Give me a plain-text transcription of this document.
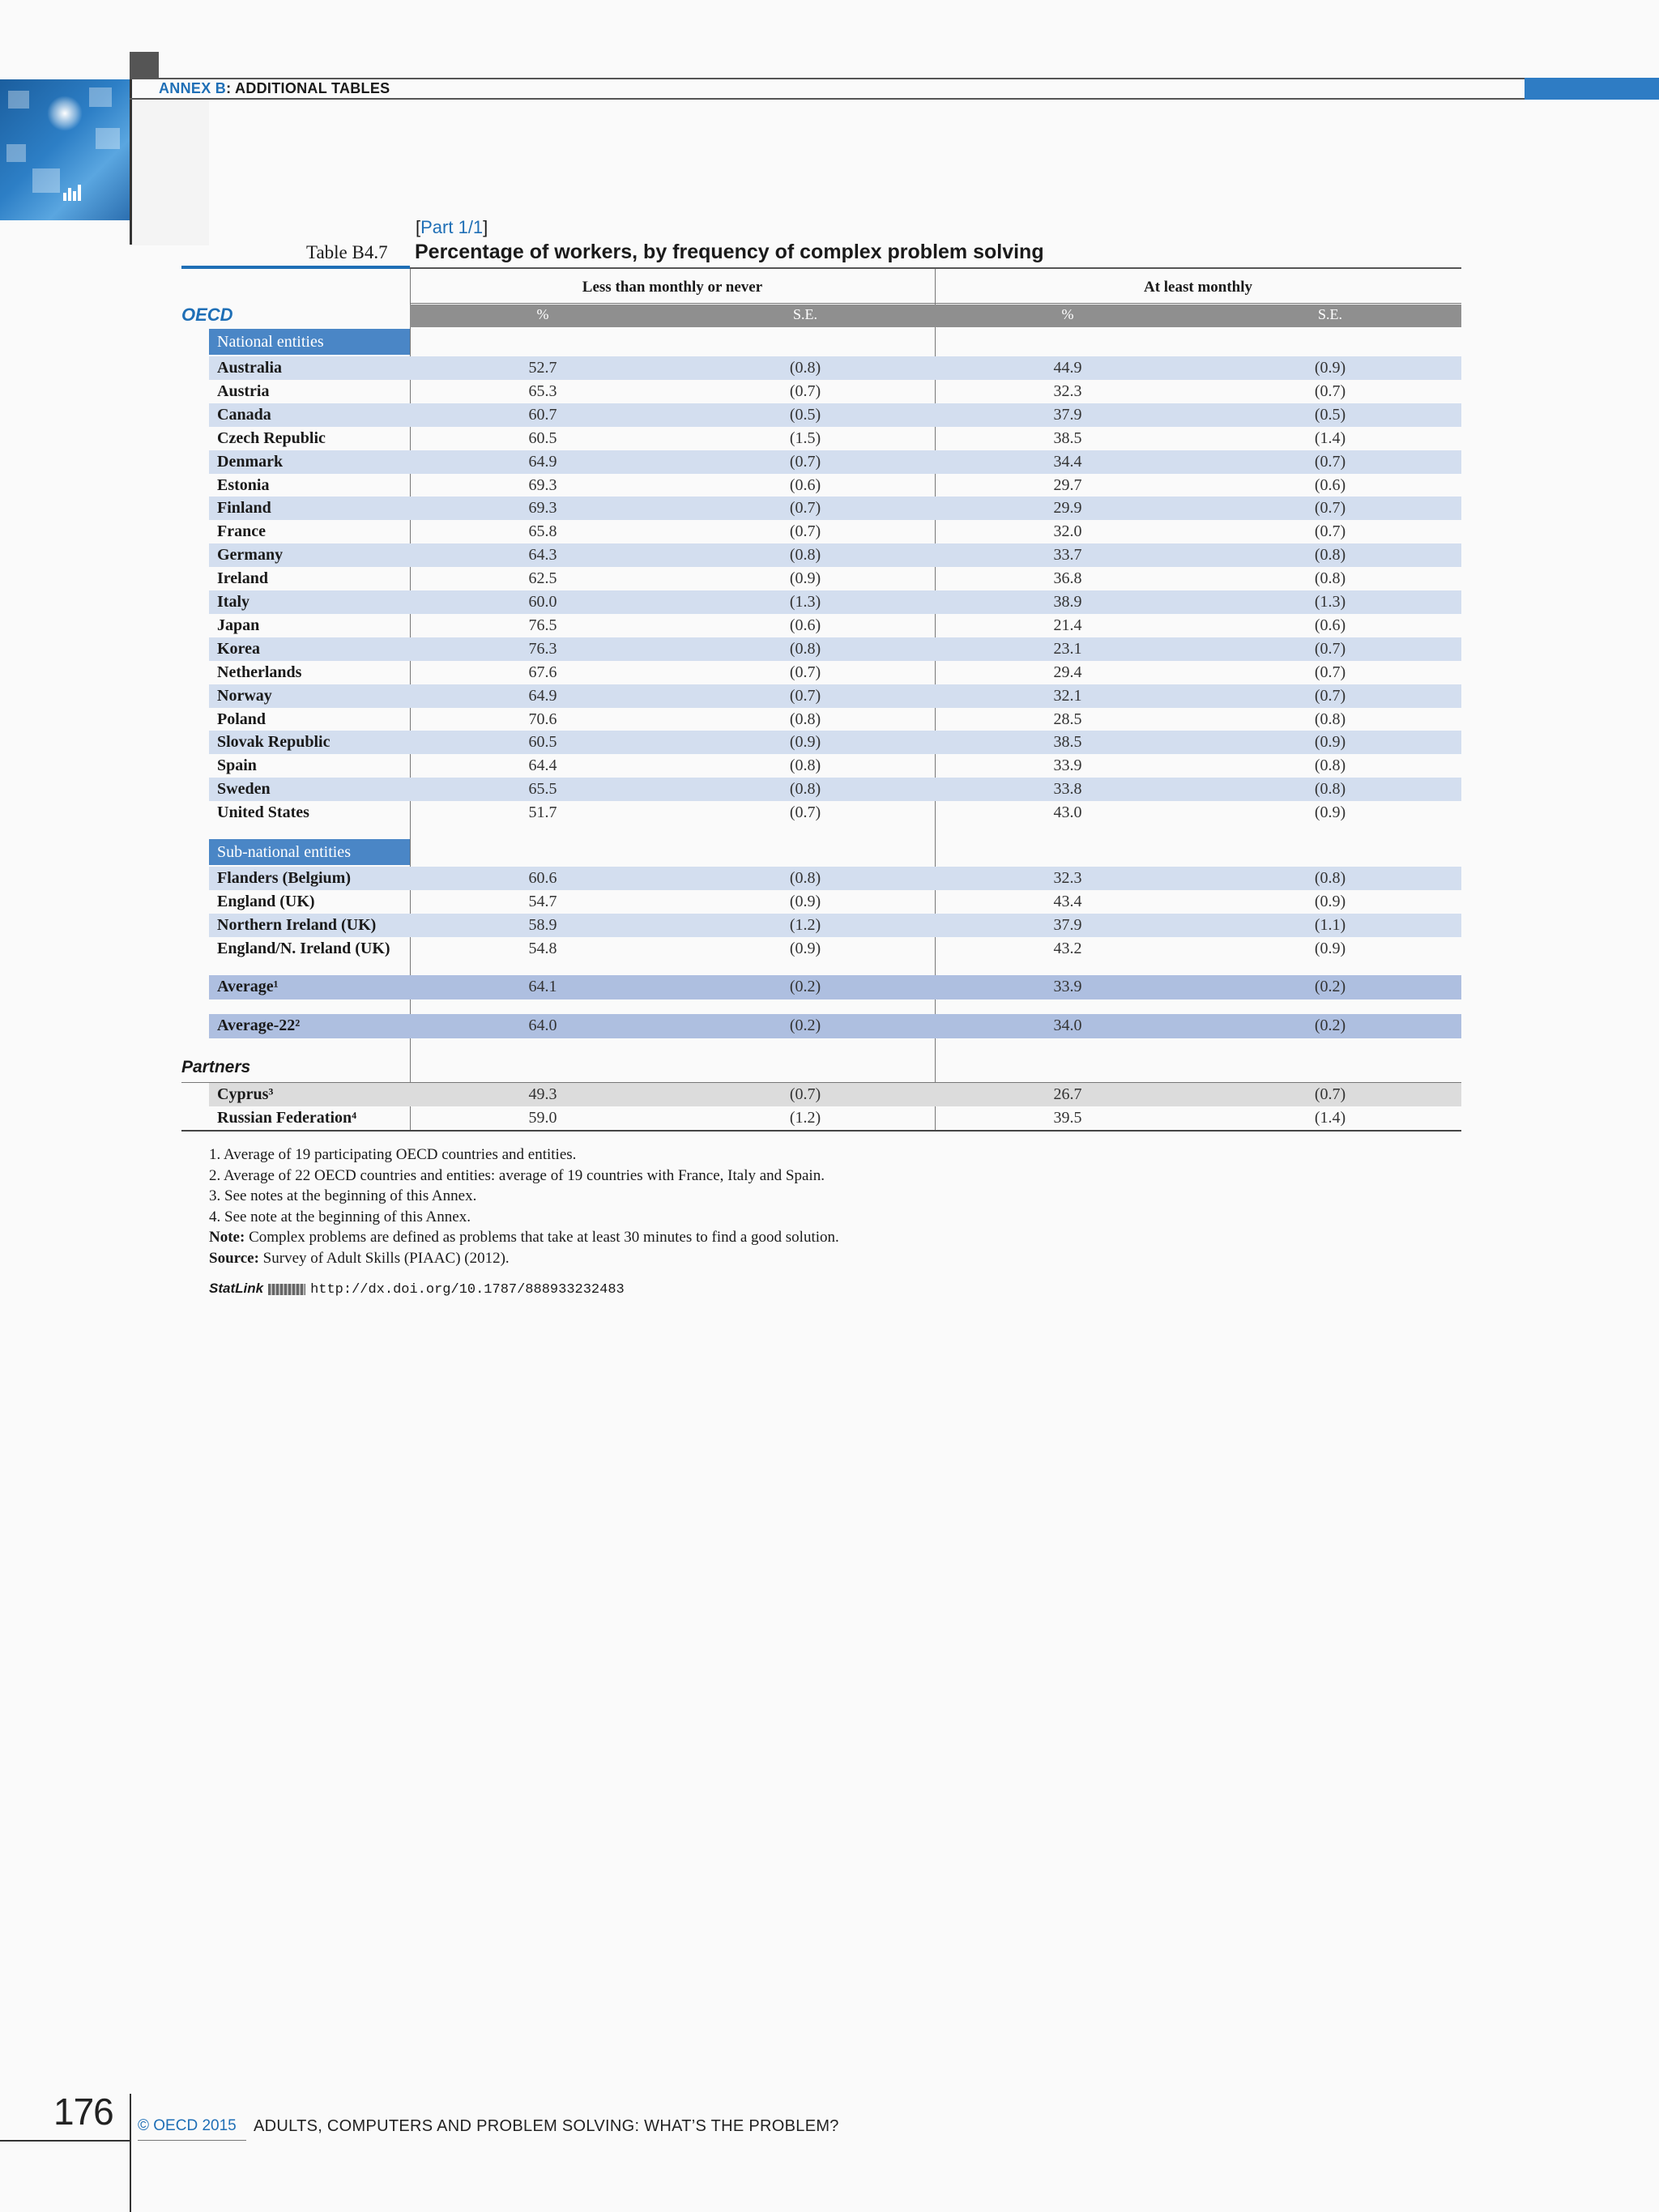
ANNEX B: ADDITIONAL TABLES
[Part 1/1]
Table B4.7 Percentage of workers, by frequency of complex problem solving
Less than monthly or never	At least monthly
OECD	%	S.E.	%	S.E.
National entities
Australia	52.7	(0.8)	44.9	(0.9)
Austria	65.3	(0.7)	32.3	(0.7)
Canada	60.7	(0.5)	37.9	(0.5)
Czech Republic	60.5	(1.5)	38.5	(1.4)
Denmark	64.9	(0.7)	34.4	(0.7)
Estonia	69.3	(0.6)	29.7	(0.6)
Finland	69.3	(0.7)	29.9	(0.7)
France	65.8	(0.7)	32.0	(0.7)
Germany	64.3	(0.8)	33.7	(0.8)
Ireland	62.5	(0.9)	36.8	(0.8)
Italy	60.0	(1.3)	38.9	(1.3)
Japan	76.5	(0.6)	21.4	(0.6)
Korea	76.3	(0.8)	23.1	(0.7)
Netherlands	67.6	(0.7)	29.4	(0.7)
Norway	64.9	(0.7)	32.1	(0.7)
Poland	70.6	(0.8)	28.5	(0.8)
Slovak Republic	60.5	(0.9)	38.5	(0.9)
Spain	64.4	(0.8)	33.9	(0.8)
Sweden	65.5	(0.8)	33.8	(0.8)
United States	51.7	(0.7)	43.0	(0.9)
Sub-national entities
Flanders (Belgium)	60.6	(0.8)	32.3	(0.8)
England (UK)	54.7	(0.9)	43.4	(0.9)
Northern Ireland (UK)	58.9	(1.2)	37.9	(1.1)
England/N. Ireland (UK)	54.8	(0.9)	43.2	(0.9)
Average¹	64.1	(0.2)	33.9	(0.2)
Average-22²	64.0	(0.2)	34.0	(0.2)
Partners
Cyprus³	49.3	(0.7)	26.7	(0.7)
Russian Federation⁴	59.0	(1.2)	39.5	(1.4)
1. Average of 19 participating OECD countries and entities.
2. Average of 22 OECD countries and entities: average of 19 countries with France, Italy and Spain.
3. See notes at the beginning of this Annex.
4. See note at the beginning of this Annex.
Note: Complex problems are defined as problems that take at least 30 minutes to find a good solution.
Source: Survey of Adult Skills (PIAAC) (2012).
StatLink	http://dx.doi.org/10.1787/888933232483
176 © OECD 2015 ADULTS, COMPUTERS AND PROBLEM SOLVING: WHAT’S THE PROBLEM?
